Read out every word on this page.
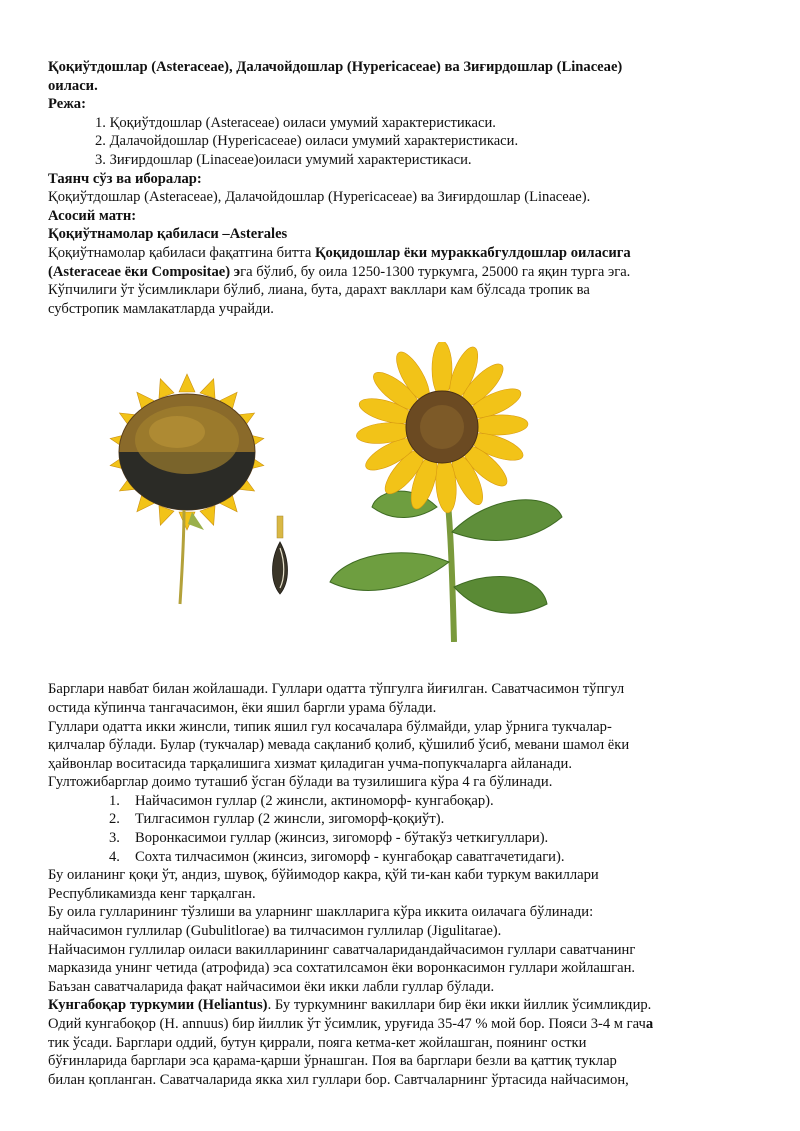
Қоқиўтдошлар (Asteraceae), Далачойдошлар (Hypericaceae) ва Зиғирдошлар (Linaceae)
оиласи.
Режа:
1. Қоқиўтдошлар (Asteraceae) оиласи умумий характеристикаси.
2. Далачойдошлар (Hypericaceae) оиласи умумий характеристикаси.
3. Зиғирдошлар (Linaceae)оиласи умумий характеристикаси.
Таянч сўз ва иборалар:
Қоқиўтдошлар (Asteraceae), Далачойдошлар (Hypericaceae) ва Зиғирдошлар (Linaceae).
Асосий матн:
Қоқиўтнамолар қабиласи –Asterales
Қоқиўтнамолар қабиласи фақатгина битта Қоқидошлар ёки мураккабгулдошлар оиласига
(Asteraceae ёки Compositae) эга бўлиб, бу оила 1250-1300 туркумга, 25000 га яқин турга эга.
Кўпчилиги ўт ўсимликлари бўлиб, лиана, бута, дарахт вакллари кам бўлсада тропик ва
субстропик мамлакатларда учрайди.
Барглари навбат билан жойлашади. Гуллари одатта тўпгулга йиғилган. Саватчасимон тўпгул
остида кўпинча тангачасимон, ёки яшил баргли урама бўлади.
Гуллари одатта икки жинсли, типик яшил гул косачалара бўлмайди, улар ўрнига тукчалар-
қилчалар бўлади. Булар (тукчалар) мевада сақланиб қолиб, қўшилиб ўсиб, мевани шамол ёки
ҳайвонлар воситасида тарқалишига хизмат қиладиган учма-попукчаларга айланади.
Гултожибарглар доимо туташиб ўсган бўлади ва тузилишига кўра 4 га бўлинади.
1. Найчасимон гуллар (2 жинсли, актиноморф- кунгабоқар).
2. Тилгасимон гуллар (2 жинсли, зигоморф-қоқиўт).
3. Воронкасимои гуллар (жинсиз, зигоморф - бўтакўз четкигуллари).
4. Сохта тилчасимон (жинсиз, зигоморф - кунгабоқар саватгачетидаги).
Бу оиланинг қоқи ўт, андиз, шувоқ, бўйимодор какра, қўй ти-кан каби туркум вакиллари
Республикамизда кенг тарқалган.
Бу оила гулларининг тўзлиши ва уларнинг шаклларига кўра иккита оилачага бўлинади:
найчасимон гуллилар (Gubulitlorae) ва тилчасимон гуллилар (Jigulitarae).
Найчасимон гуллилар оиласи вакилларининг саватчаларидандайчасимон гуллари саватчанинг
марказида унинг четида (атрофида) эса сохтатилсамон ёки воронкасимон гуллари жойлашган.
Баъзан саватчаларида фақат найчасимои ёки икки лабли гуллар бўлади.
Кунгабоқар туркумии (Heliantus). Бу туркумнинг вакиллари бир ёки икки йиллик ўсимликдир.
Одий кунгабоқор (H. annuus) бир йиллик ўт ўсимлик, уруғида 35-47 % мой бор. Пояси 3-4 м гача
тик ўсади. Барглари оддий, бутун қиррали, пояга кетма-кет жойлашган, поянинг остки
бўғинларида барглари эса қарама-қарши ўрнашган. Поя ва барглари безли ва қаттиқ туклар
билан қопланган. Саватчаларида якка хил гуллари бор. Савтчаларнинг ўртасида найчасимон,
